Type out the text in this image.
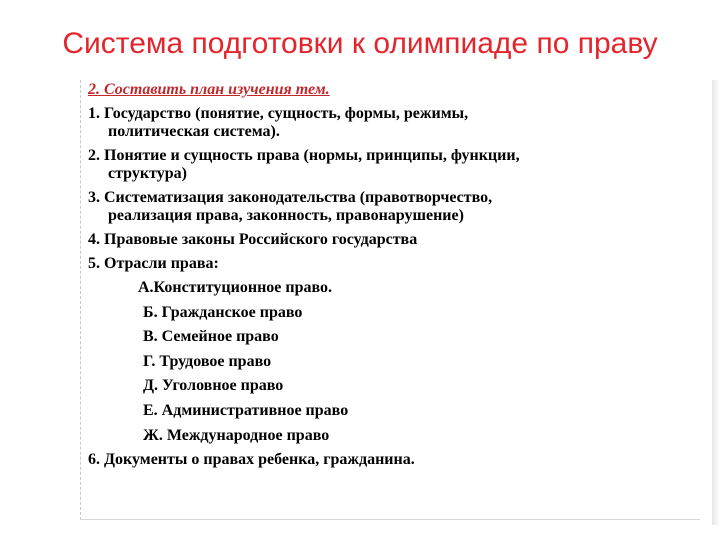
Система подготовки к олимпиаде по праву
2. Составить план изучения тем.
1. Государство (понятие, сущность, формы, режимы,
политическая система).
2. Понятие и сущность права (нормы, принципы, функции,
структура)
3. Систематизация законодательства (правотворчество,
реализация права, законность, правонарушение)
4. Правовые законы Российского государства
5. Отрасли права:
А.Конституционное право.
Б. Гражданское право
В. Семейное право
Г. Трудовое право
Д. Уголовное право
Е. Административное право
Ж. Международное право
6. Документы о правах ребенка, гражданина.
